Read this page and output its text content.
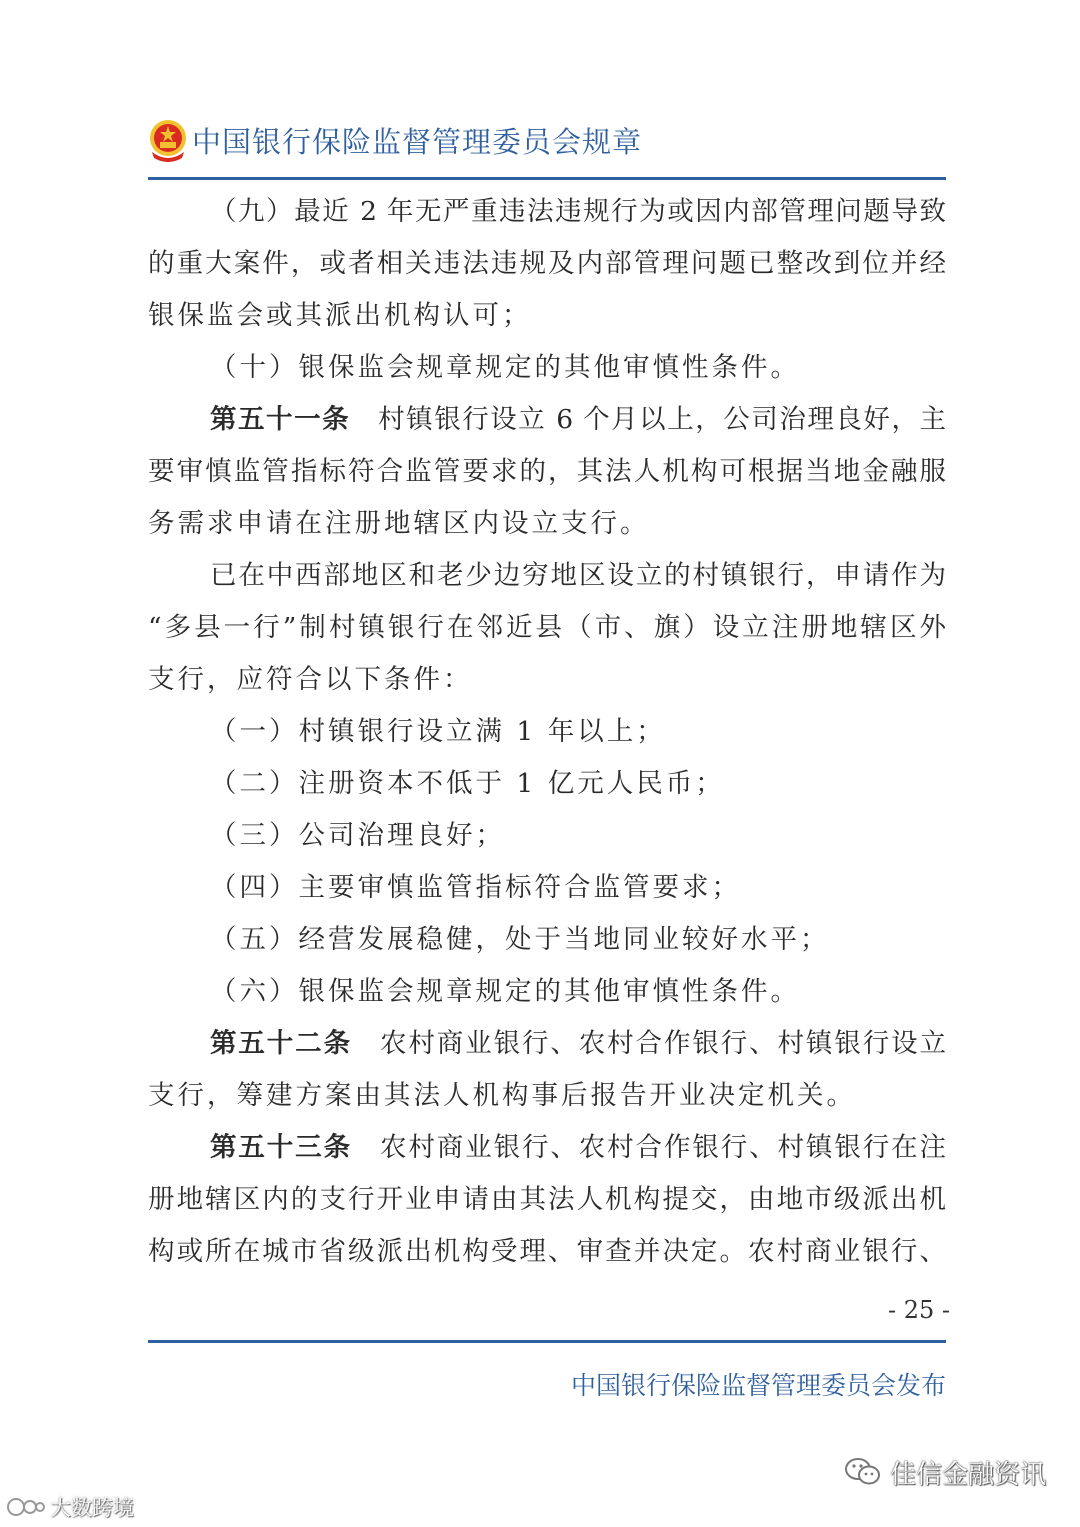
中国银行保险监督管理委员会规章
（九）最近 2 年无严重违法违规行为或因内部管理问题导致
的重大案件，或者相关违法违规及内部管理问题已整改到位并经
银保监会或其派出机构认可；
（十）银保监会规章规定的其他审慎性条件。
第五十一条 村镇银行设立 6 个月以上，公司治理良好，主
要审慎监管指标符合监管要求的，其法人机构可根据当地金融服
务需求申请在注册地辖区内设立支行。
已在中西部地区和老少边穷地区设立的村镇银行，申请作为
“多县一行”制村镇银行在邻近县（市、旗）设立注册地辖区外
支行，应符合以下条件：
（一）村镇银行设立满 1 年以上；
（二）注册资本不低于 1 亿元人民币；
（三）公司治理良好；
（四）主要审慎监管指标符合监管要求；
（五）经营发展稳健，处于当地同业较好水平；
（六）银保监会规章规定的其他审慎性条件。
第五十二条 农村商业银行、农村合作银行、村镇银行设立
支行，筹建方案由其法人机构事后报告开业决定机关。
第五十三条 农村商业银行、农村合作银行、村镇银行在注
册地辖区内的支行开业申请由其法人机构提交，由地市级派出机
构或所在城市省级派出机构受理、审查并决定。农村商业银行、
- 25 -
中国银行保险监督管理委员会发布
佳信金融资讯
大数跨境
